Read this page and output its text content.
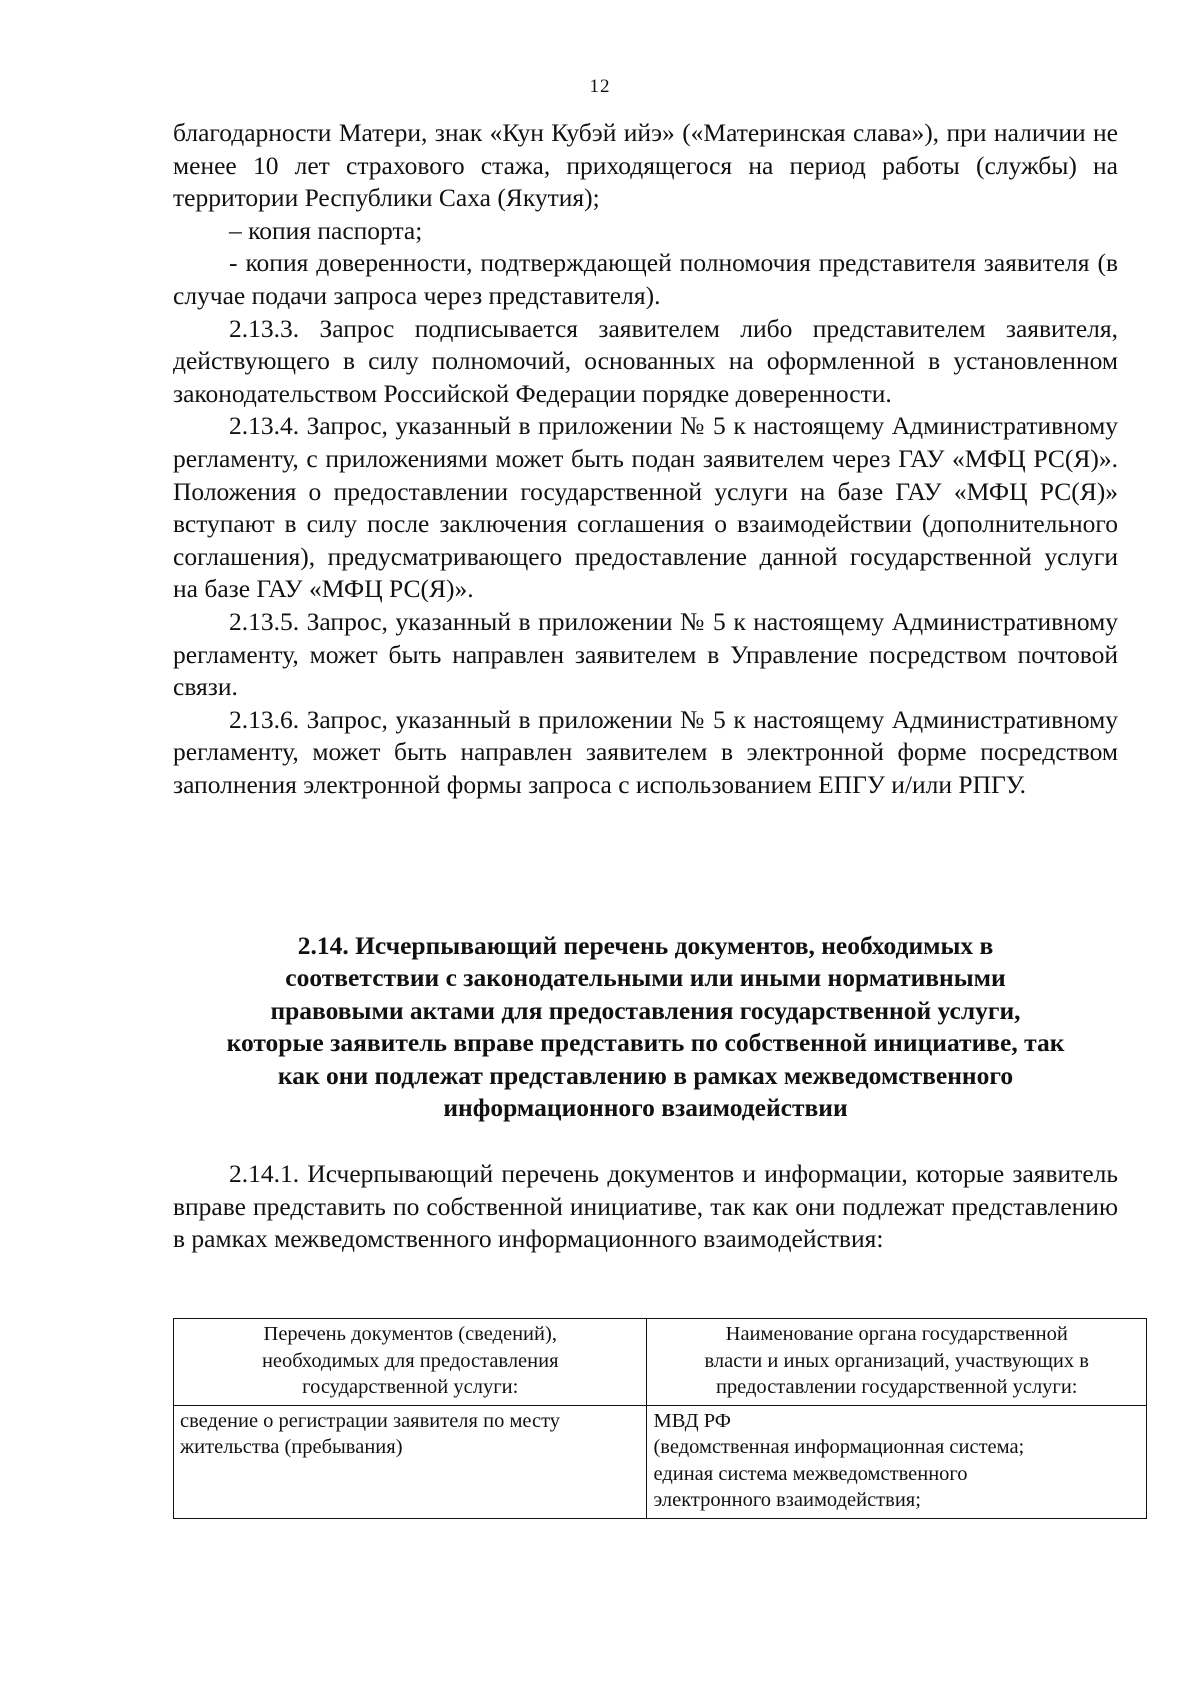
12

благодарности Матери, знак «Кун Кубэй ийэ» («Материнская слава»), при наличии не менее 10 лет страхового стажа, приходящегося на период работы (службы) на территории Республики Саха (Якутия);

– копия паспорта;

- копия доверенности, подтверждающей полномочия представителя заявителя (в случае подачи запроса через представителя).

2.13.3. Запрос подписывается заявителем либо представителем заявителя, действующего в силу полномочий, основанных на оформленной в установленном законодательством Российской Федерации порядке доверенности.

2.13.4. Запрос, указанный в приложении № 5 к настоящему Административному регламенту, с приложениями может быть подан заявителем через ГАУ «МФЦ РС(Я)». Положения о предоставлении государственной услуги на базе ГАУ «МФЦ РС(Я)» вступают в силу после заключения соглашения о взаимодействии (дополнительного соглашения), предусматривающего предоставление данной государственной услуги на базе ГАУ «МФЦ РС(Я)».

2.13.5. Запрос, указанный в приложении № 5 к настоящему Административному регламенту, может быть направлен заявителем в Управление посредством почтовой связи.

2.13.6. Запрос, указанный в приложении № 5 к настоящему Административному регламенту, может быть направлен заявителем в электронной форме посредством заполнения электронной формы запроса с использованием ЕПГУ и/или РПГУ.

2.14. Исчерпывающий перечень документов, необходимых в
соответствии с законодательными или иными нормативными
правовыми актами для предоставления государственной услуги,
которые заявитель вправе представить по собственной инициативе, так
как они подлежат представлению в рамках межведомственного
информационного взаимодействии

2.14.1. Исчерпывающий перечень документов и информации, которые заявитель вправе представить по собственной инициативе, так как они подлежат представлению в рамках межведомственного информационного взаимодействия:

Перечень документов (сведений),
необходимых для предоставления
государственной услуги:	Наименование органа государственной
власти и иных организаций, участвующих в
предоставлении государственной услуги:

сведение о регистрации заявителя по месту
жительства (пребывания)	МВД РФ
(ведомственная информационная система;
единая система межведомственного
электронного взаимодействия;
